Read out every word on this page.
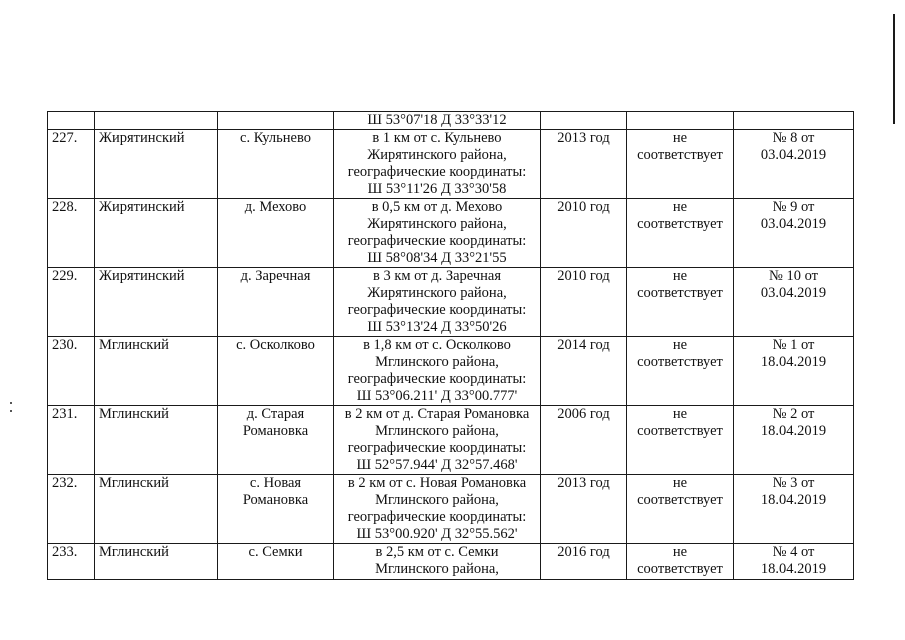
			Ш 53°07'18 Д 33°33'12			

227.	Жирятинский	с. Кульнево	в 1 км от с. Кульнево
Жирятинского района,
географические координаты:
Ш 53°11'26 Д 33°30'58	2013 год	не
соответствует	№ 8 от
03.04.2019

228.	Жирятинский	д. Мехово	в 0,5 км от д. Мехово
Жирятинского района,
географические координаты:
Ш 58°08'34 Д 33°21'55	2010 год	не
соответствует	№ 9 от
03.04.2019

229.	Жирятинский	д. Заречная	в 3 км от д. Заречная
Жирятинского района,
географические координаты:
Ш 53°13'24 Д 33°50'26	2010 год	не
соответствует	№ 10 от
03.04.2019

230.	Мглинский	с. Осколково	в 1,8 км от с. Осколково
Мглинского района,
географические координаты:
Ш 53°06.211' Д 33°00.777'	2014 год	не
соответствует	№ 1 от
18.04.2019

231.	Мглинский	д. Старая
Романовка	в 2 км от д. Старая Романовка
Мглинского района,
географические координаты:
Ш 52°57.944' Д 32°57.468'	2006 год	не
соответствует	№ 2 от
18.04.2019

232.	Мглинский	с. Новая
Романовка	в 2 км от с. Новая Романовка
Мглинского района,
географические координаты:
Ш 53°00.920' Д 32°55.562'	2013 год	не
соответствует	№ 3 от
18.04.2019

233.	Мглинский	с. Семки	в 2,5 км от с. Семки
Мглинского района,	2016 год	не
соответствует	№ 4 от
18.04.2019
